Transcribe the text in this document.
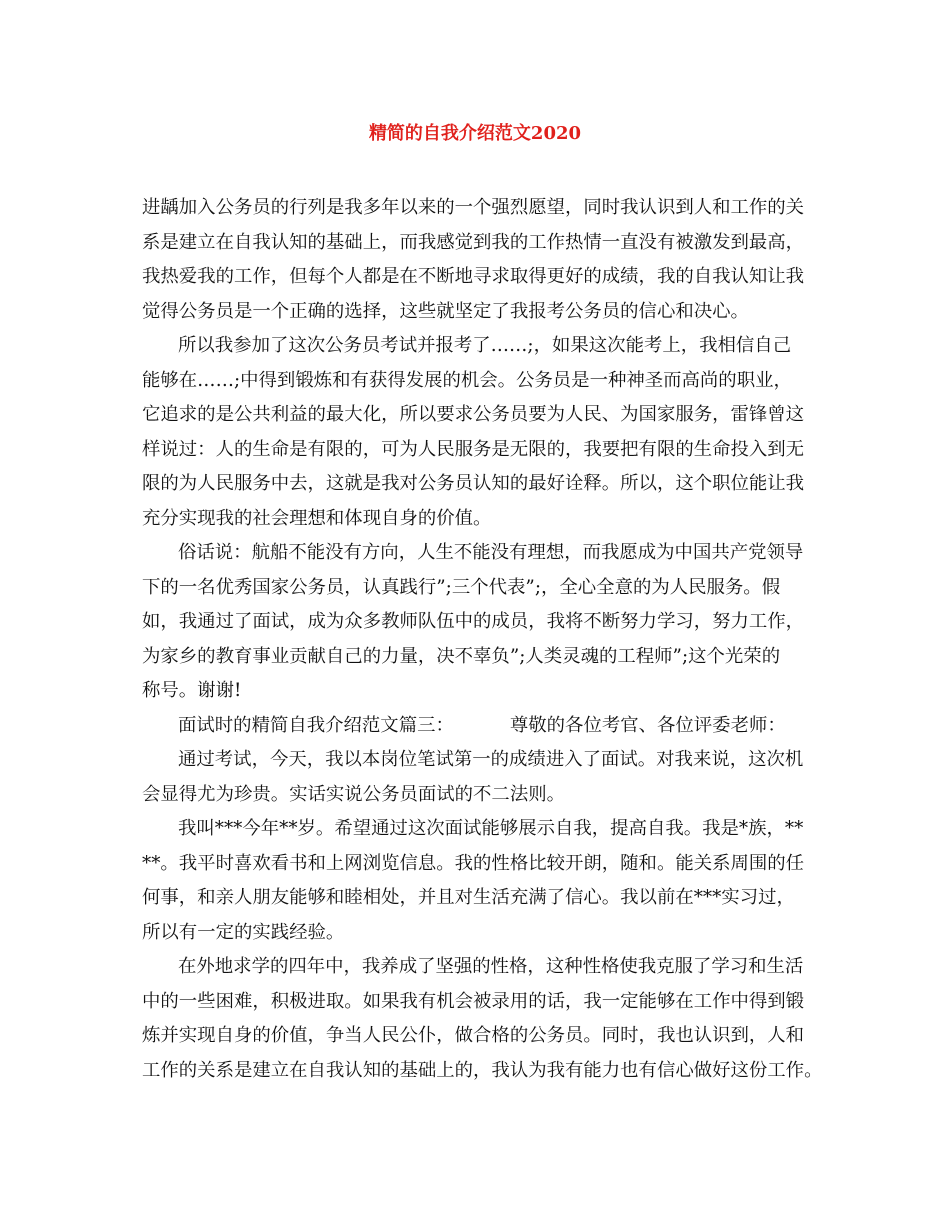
精简的自我介绍范文2020
进龋加入公务员的行列是我多年以来的一个强烈愿望，同时我认识到人和工作的关
系是建立在自我认知的基础上，而我感觉到我的工作热情一直没有被激发到最高，
我热爱我的工作，但每个人都是在不断地寻求取得更好的成绩，我的自我认知让我
觉得公务员是一个正确的选择，这些就坚定了我报考公务员的信心和决心。
所以我参加了这次公务员考试并报考了……;，如果这次能考上，我相信自己
能够在……;中得到锻炼和有获得发展的机会。公务员是一种神圣而高尚的职业，
它追求的是公共利益的最大化，所以要求公务员要为人民、为国家服务，雷锋曾这
样说过：人的生命是有限的，可为人民服务是无限的，我要把有限的生命投入到无
限的为人民服务中去，这就是我对公务员认知的最好诠释。所以，这个职位能让我
充分实现我的社会理想和体现自身的价值。
俗话说：航船不能没有方向，人生不能没有理想，而我愿成为中国共产党领导
下的一名优秀国家公务员，认真践行”;三个代表”;，全心全意的为人民服务。假
如，我通过了面试，成为众多教师队伍中的成员，我将不断努力学习，努力工作，
为家乡的教育事业贡献自己的力量，决不辜负”;人类灵魂的工程师”;这个光荣的
称号。谢谢!
面试时的精简自我介绍范文篇三：	尊敬的各位考官、各位评委老师：
通过考试，今天，我以本岗位笔试第一的成绩进入了面试。对我来说，这次机
会显得尤为珍贵。实话实说公务员面试的不二法则。
我叫***今年**岁。希望通过这次面试能够展示自我，提高自我。我是*族，**
**。我平时喜欢看书和上网浏览信息。我的性格比较开朗，随和。能关系周围的任
何事，和亲人朋友能够和睦相处，并且对生活充满了信心。我以前在***实习过，
所以有一定的实践经验。
在外地求学的四年中，我养成了坚强的性格，这种性格使我克服了学习和生活
中的一些困难，积极进取。如果我有机会被录用的话，我一定能够在工作中得到锻
炼并实现自身的价值，争当人民公仆，做合格的公务员。同时，我也认识到，人和
工作的关系是建立在自我认知的基础上的，我认为我有能力也有信心做好这份工作。
